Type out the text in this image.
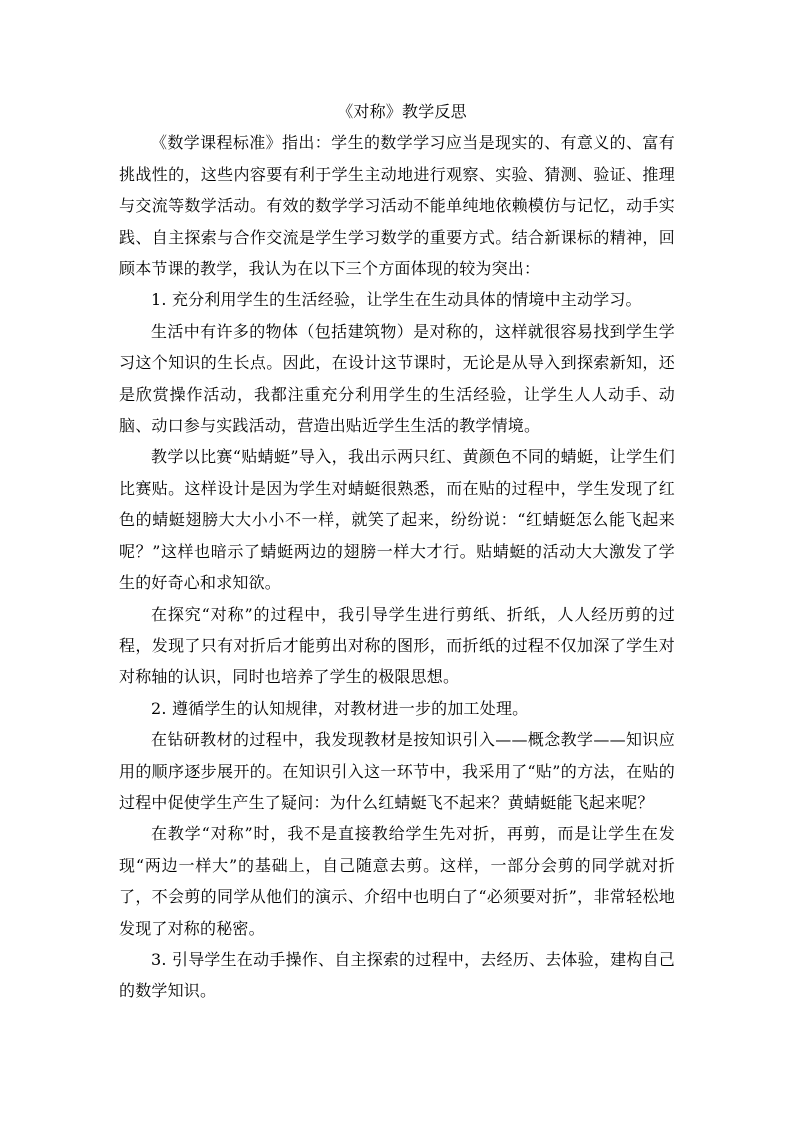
《对称》教学反思

《数学课程标准》指出：学生的数学学习应当是现实的、有意义的、富有挑战性的，这些内容要有利于学生主动地进行观察、实验、猜测、验证、推理与交流等数学活动。有效的数学学习活动不能单纯地依赖模仿与记忆，动手实践、自主探索与合作交流是学生学习数学的重要方式。结合新课标的精神，回顾本节课的教学，我认为在以下三个方面体现的较为突出：

1. 充分利用学生的生活经验，让学生在生动具体的情境中主动学习。

生活中有许多的物体（包括建筑物）是对称的，这样就很容易找到学生学习这个知识的生长点。因此，在设计这节课时，无论是从导入到探索新知，还是欣赏操作活动，我都注重充分利用学生的生活经验，让学生人人动手、动脑、动口参与实践活动，营造出贴近学生生活的教学情境。

教学以比赛“贴蜻蜓”导入，我出示两只红、黄颜色不同的蜻蜓，让学生们比赛贴。这样设计是因为学生对蜻蜓很熟悉，而在贴的过程中，学生发现了红色的蜻蜓翅膀大大小小不一样，就笑了起来，纷纷说：“红蜻蜓怎么能飞起来呢？”这样也暗示了蜻蜓两边的翅膀一样大才行。贴蜻蜓的活动大大激发了学生的好奇心和求知欲。

在探究“对称”的过程中，我引导学生进行剪纸、折纸，人人经历剪的过程，发现了只有对折后才能剪出对称的图形，而折纸的过程不仅加深了学生对对称轴的认识，同时也培养了学生的极限思想。

2. 遵循学生的认知规律，对教材进一步的加工处理。

在钻研教材的过程中，我发现教材是按知识引入——概念教学——知识应用的顺序逐步展开的。在知识引入这一环节中，我采用了“贴”的方法，在贴的过程中促使学生产生了疑问：为什么红蜻蜓飞不起来？黄蜻蜓能飞起来呢？

在教学“对称”时，我不是直接教给学生先对折，再剪，而是让学生在发现“两边一样大”的基础上，自己随意去剪。这样，一部分会剪的同学就对折了，不会剪的同学从他们的演示、介绍中也明白了“必须要对折”，非常轻松地发现了对称的秘密。

3. 引导学生在动手操作、自主探索的过程中，去经历、去体验，建构自己的数学知识。
